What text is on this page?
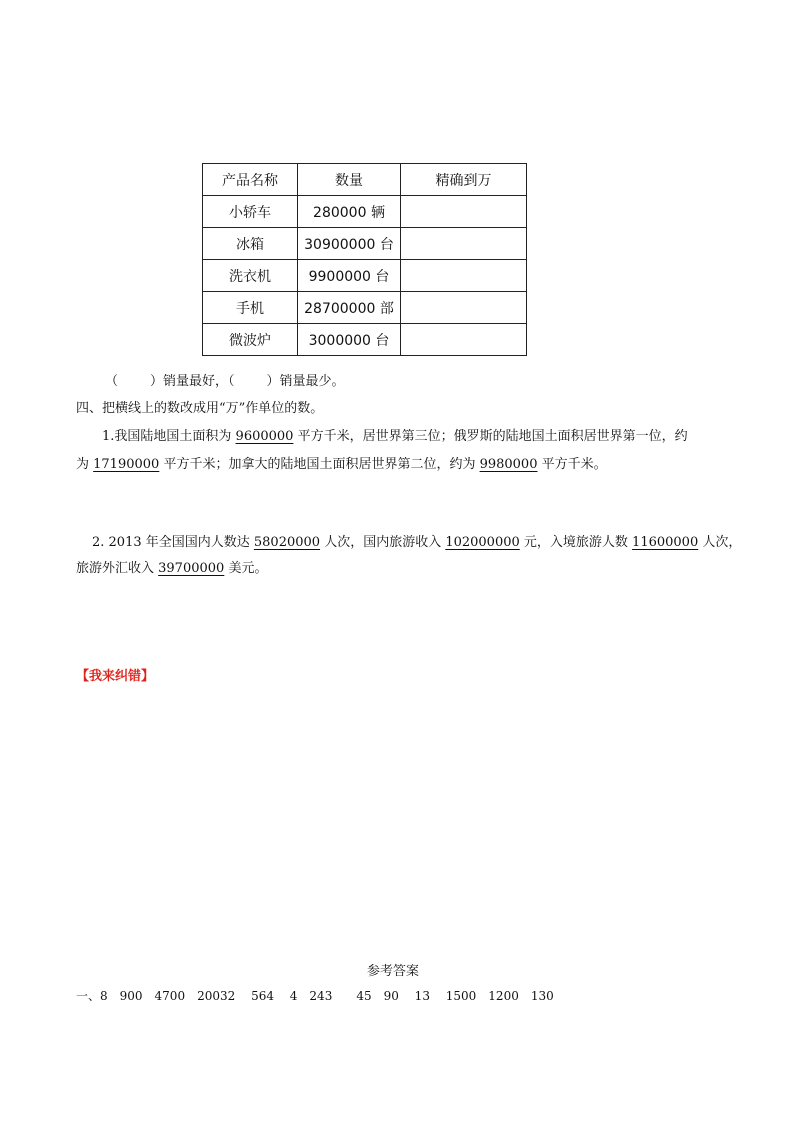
产品名称	数量	精确到万
小轿车	280000 辆	
冰箱	30900000 台	
洗衣机	9900000 台	
手机	28700000 部	
微波炉	3000000 台	
（ ）销量最好，（ ）销量最少。
四、把横线上的数改成用“万”作单位的数。
1.我国陆地国土面积为 9600000 平方千米，居世界第三位；俄罗斯的陆地国土面积居世界第一位，约
为 17190000 平方千米；加拿大的陆地国土面积居世界第二位，约为 9980000 平方千米。
2. 2013 年全国国内人数达 58020000 人次，国内旅游收入 102000000 元，入境旅游人数 11600000 人次，
旅游外汇收入 39700000 美元。
【我来纠错】
参考答案
一、8　900　4700　20032　 564　 4　243　　45　90　 13　 1500　1200　130
